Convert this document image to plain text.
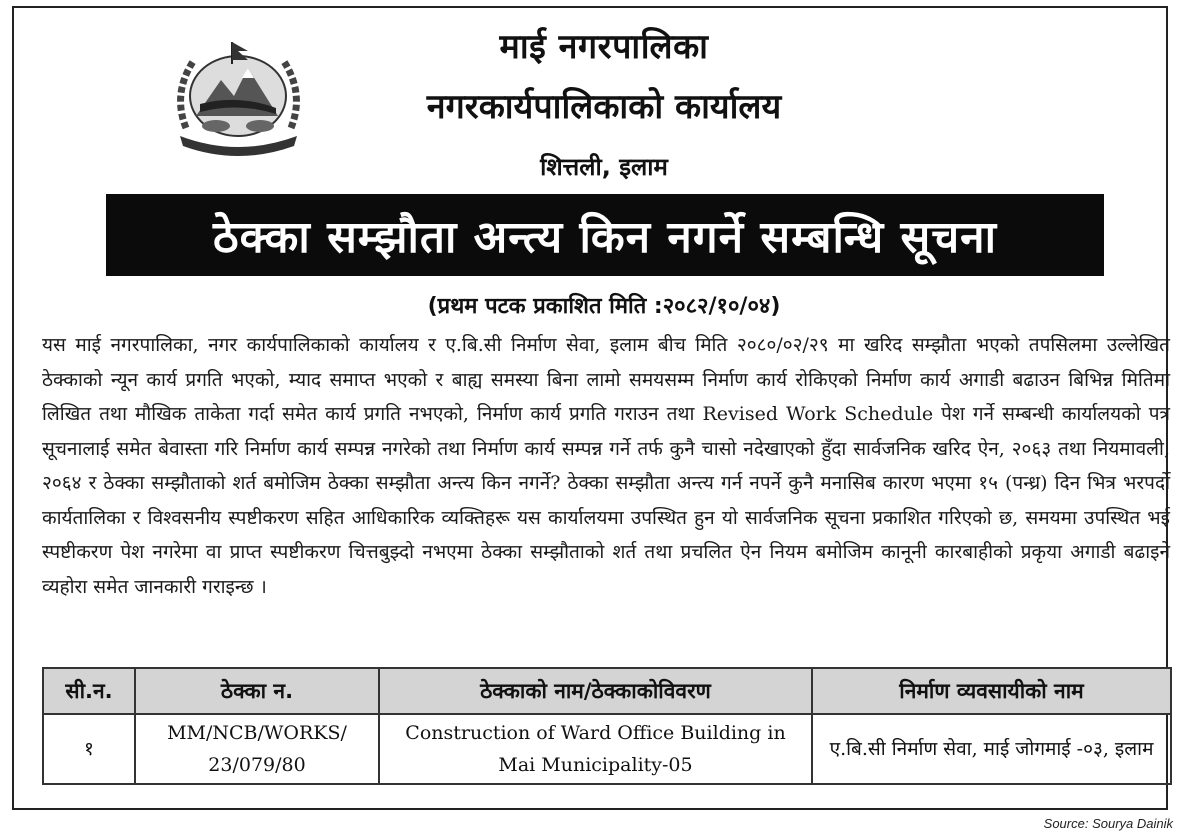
माई नगरपालिका
नगरकार्यपालिकाको कार्यालय
शित्तली, इलाम
ठेक्का सम्झौता अन्त्य किन नगर्ने सम्बन्धि सूचना
(प्रथम पटक प्रकाशित मिति :२०८२/१०/०४)
यस माई नगरपालिका, नगर कार्यपालिकाको कार्यालय र ए.बि.सी निर्माण सेवा, इलाम बीच मिति २०८०/०२/२९ मा खरिद सम्झौता भएको तपसिलमा उल्लेखित ठेक्काको न्यून कार्य प्रगति भएको, म्याद समाप्त भएको र बाह्य समस्या बिना लामो समयसम्म निर्माण कार्य रोकिएको निर्माण कार्य अगाडी बढाउन बिभिन्न मितिमा लिखित तथा मौखिक ताकेता गर्दा समेत कार्य प्रगति नभएको, निर्माण कार्य प्रगति गराउन तथा Revised Work Schedule पेश गर्ने सम्बन्धी कार्यालयको पत्र सूचनालाई समेत बेवास्ता गरि निर्माण कार्य सम्पन्न नगरेको तथा निर्माण कार्य सम्पन्न गर्ने तर्फ कुनै चासो नदेखाएको हुँदा सार्वजनिक खरिद ऐन, २०६३ तथा नियमावली, २०६४ र ठेक्का सम्झौताको शर्त बमोजिम ठेक्का सम्झौता अन्त्य किन नगर्ने? ठेक्का सम्झौता अन्त्य गर्न नपर्ने कुनै मनासिब कारण भएमा १५ (पन्ध्र) दिन भित्र भरपर्दो कार्यतालिका र विश्वसनीय स्पष्टीकरण सहित आधिकारिक व्यक्तिहरू यस कार्यालयमा उपस्थित हुन यो सार्वजनिक सूचना प्रकाशित गरिएको छ, समयमा उपस्थित भई स्पष्टीकरण पेश नगरेमा वा प्राप्त स्पष्टीकरण चित्तबुझ्दो नभएमा ठेक्का सम्झौताको शर्त तथा प्रचलित ऐन नियम बमोजिम कानूनी कारबाहीको प्रकृया अगाडी बढाइने व्यहोरा समेत जानकारी गराइन्छ ।
सी.न.	ठेक्का न.	ठेक्काको नाम/ठेक्काकोविवरण	निर्माण व्यवसायीको नाम
१	MM/NCB/WORKS/ 23/079/80	Construction of Ward Office Building in Mai Municipality-05	ए.बि.सी निर्माण सेवा, माई जोगमाई -०३, इलाम
Source: Sourya Dainik
